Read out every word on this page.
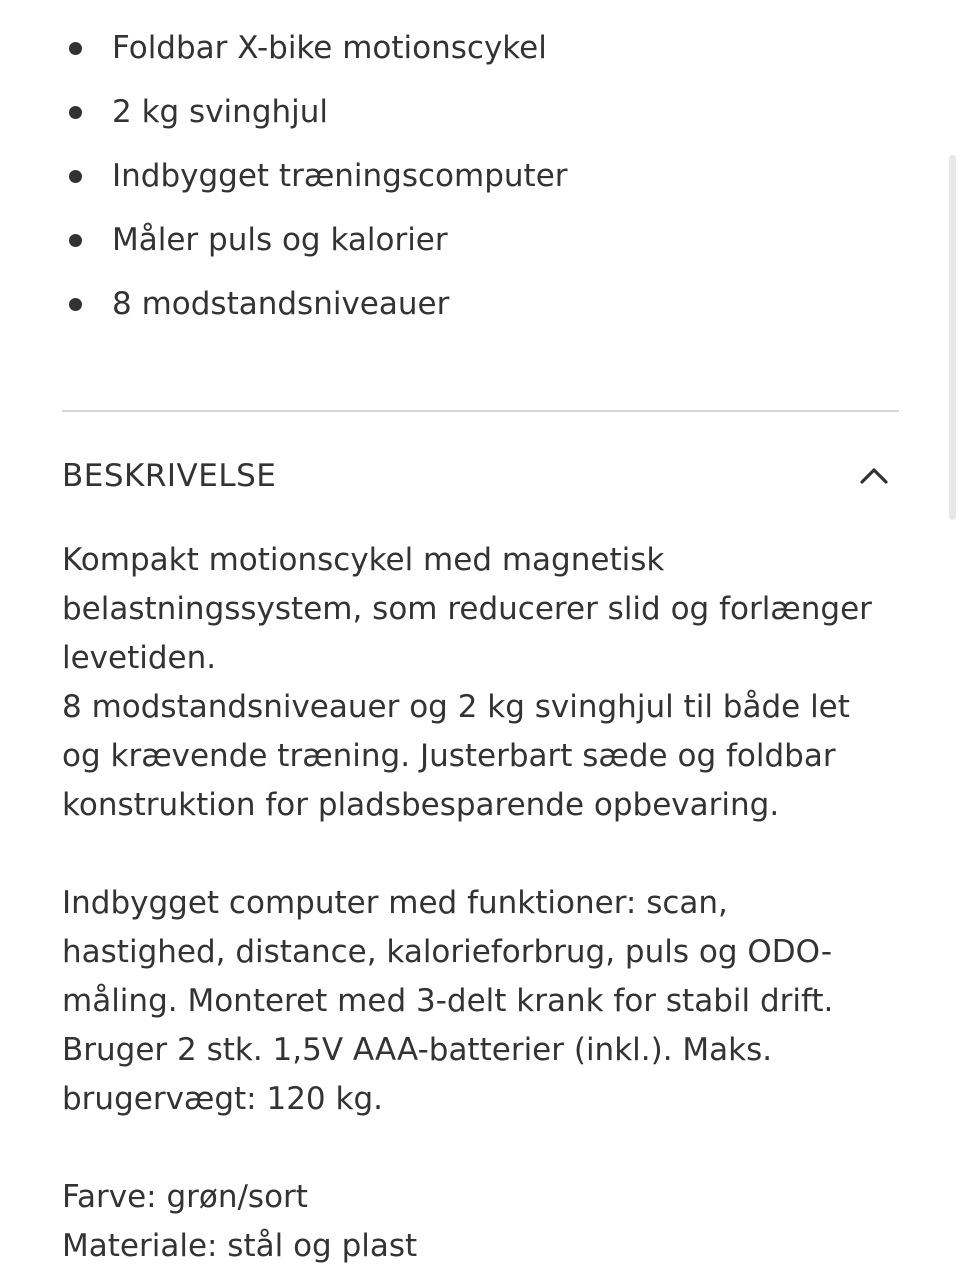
Foldbar X-bike motionscykel
2 kg svinghjul
Indbygget træningscomputer
Måler puls og kalorier
8 modstandsniveauer
BESKRIVELSE

Kompakt motionscykel med magnetisk
belastningssystem, som reducerer slid og forlænger
levetiden.
8 modstandsniveauer og 2 kg svinghjul til både let
og krævende træning. Justerbart sæde og foldbar
konstruktion for pladsbesparende opbevaring.

Indbygget computer med funktioner: scan,
hastighed, distance, kalorieforbrug, puls og ODO-
måling. Monteret med 3-delt krank for stabil drift.
Bruger 2 stk. 1,5V AAA-batterier (inkl.). Maks.
brugervægt: 120 kg.

Farve: grøn/sort
Materiale: stål og plast
